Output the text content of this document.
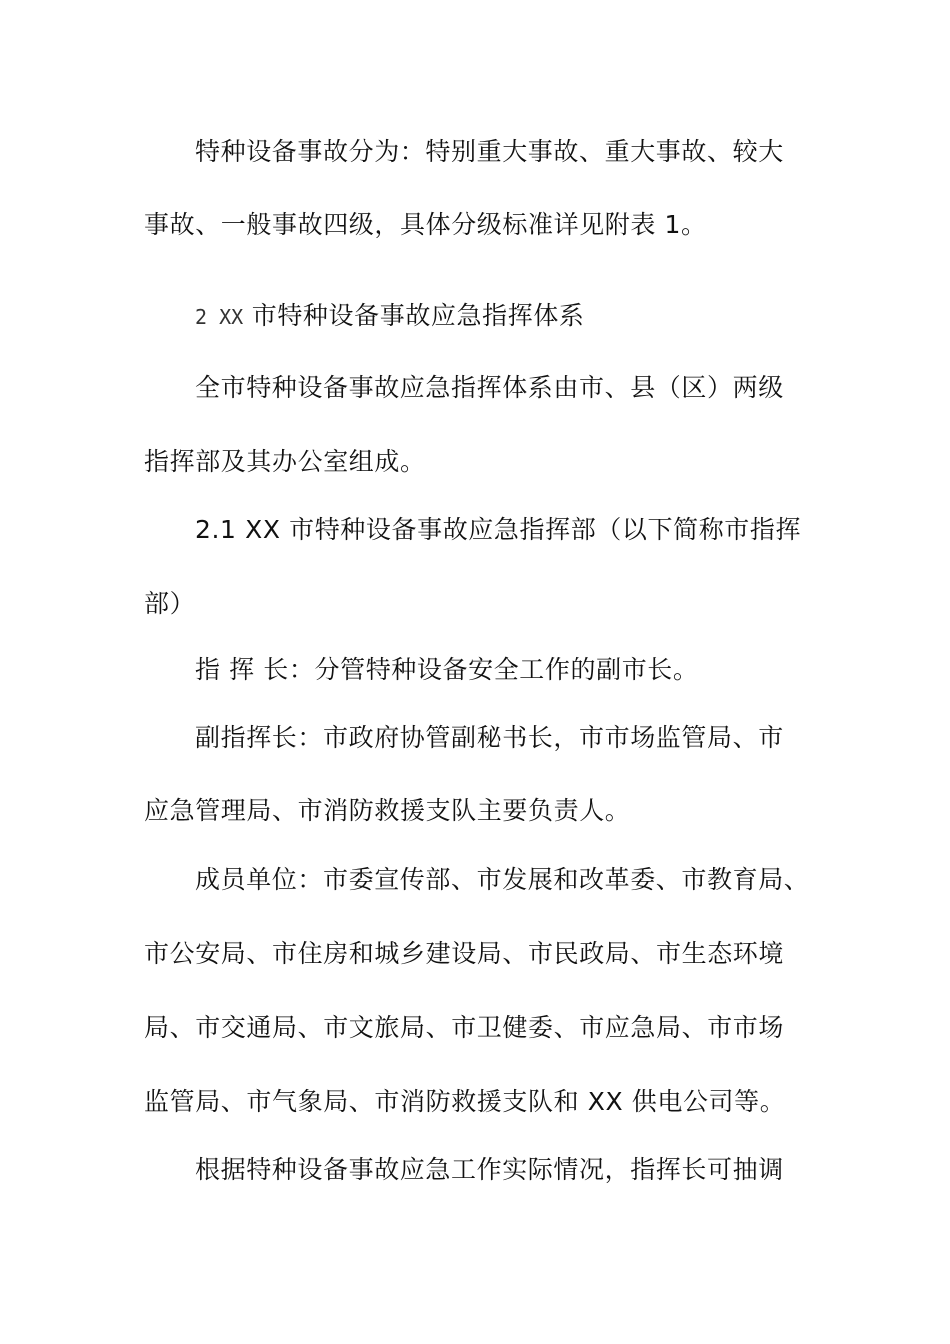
特种设备事故分为：特别重大事故、重大事故、较大
事故、一般事故四级，具体分级标准详见附表 1。
2 XX 市特种设备事故应急指挥体系
全市特种设备事故应急指挥体系由市、县（区）两级
指挥部及其办公室组成。
2.1 XX 市特种设备事故应急指挥部（以下简称市指挥
部）
指 挥 长：分管特种设备安全工作的副市长。
副指挥长：市政府协管副秘书长，市市场监管局、市
应急管理局、市消防救援支队主要负责人。
成员单位：市委宣传部、市发展和改革委、市教育局、
市公安局、市住房和城乡建设局、市民政局、市生态环境
局、市交通局、市文旅局、市卫健委、市应急局、市市场
监管局、市气象局、市消防救援支队和 XX 供电公司等。
根据特种设备事故应急工作实际情况，指挥长可抽调
